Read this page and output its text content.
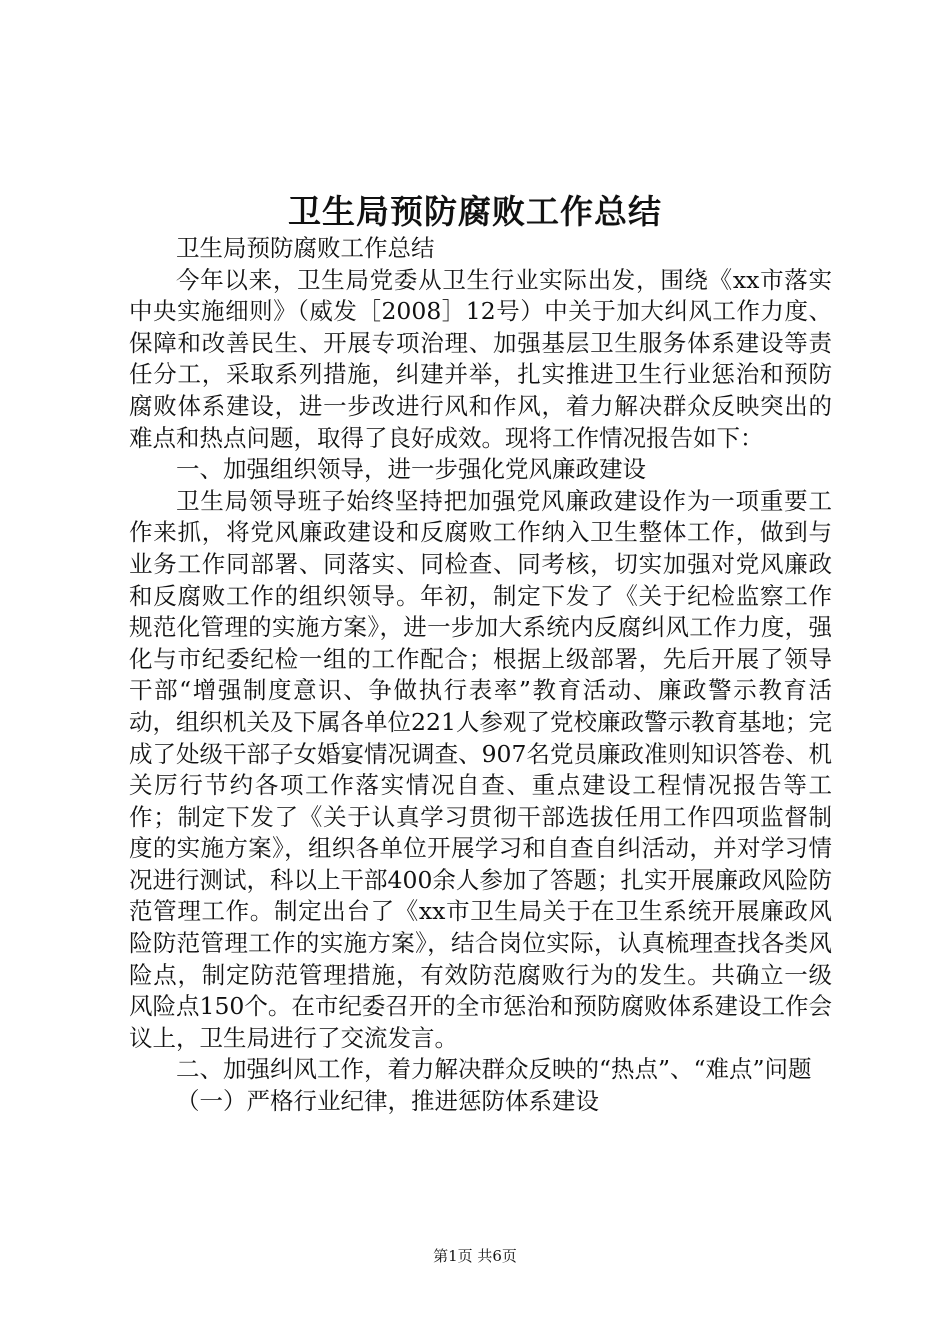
卫生局预防腐败工作总结

卫生局预防腐败工作总结

今年以来，卫生局党委从卫生行业实际出发，围绕《xx市落实中央实施细则》（威发［2008］12号）中关于加大纠风工作力度、保障和改善民生、开展专项治理、加强基层卫生服务体系建设等责任分工，采取系列措施，纠建并举，扎实推进卫生行业惩治和预防腐败体系建设，进一步改进行风和作风，着力解决群众反映突出的难点和热点问题，取得了良好成效。现将工作情况报告如下：

一、加强组织领导，进一步强化党风廉政建设

卫生局领导班子始终坚持把加强党风廉政建设作为一项重要工作来抓，将党风廉政建设和反腐败工作纳入卫生整体工作，做到与业务工作同部署、同落实、同检查、同考核，切实加强对党风廉政和反腐败工作的组织领导。年初，制定下发了《关于纪检监察工作规范化管理的实施方案》，进一步加大系统内反腐纠风工作力度，强化与市纪委纪检一组的工作配合；根据上级部署，先后开展了领导干部“增强制度意识、争做执行表率”教育活动、廉政警示教育活动，组织机关及下属各单位221人参观了党校廉政警示教育基地；完成了处级干部子女婚宴情况调查、907名党员廉政准则知识答卷、机关厉行节约各项工作落实情况自查、重点建设工程情况报告等工作；制定下发了《关于认真学习贯彻干部选拔任用工作四项监督制度的实施方案》，组织各单位开展学习和自查自纠活动，并对学习情况进行测试，科以上干部400余人参加了答题；扎实开展廉政风险防范管理工作。制定出台了《xx市卫生局关于在卫生系统开展廉政风险防范管理工作的实施方案》，结合岗位实际，认真梳理查找各类风险点，制定防范管理措施，有效防范腐败行为的发生。共确立一级风险点150个。在市纪委召开的全市惩治和预防腐败体系建设工作会议上，卫生局进行了交流发言。

二、加强纠风工作，着力解决群众反映的“热点”、“难点”问题

（一）严格行业纪律，推进惩防体系建设

第1页 共6页
